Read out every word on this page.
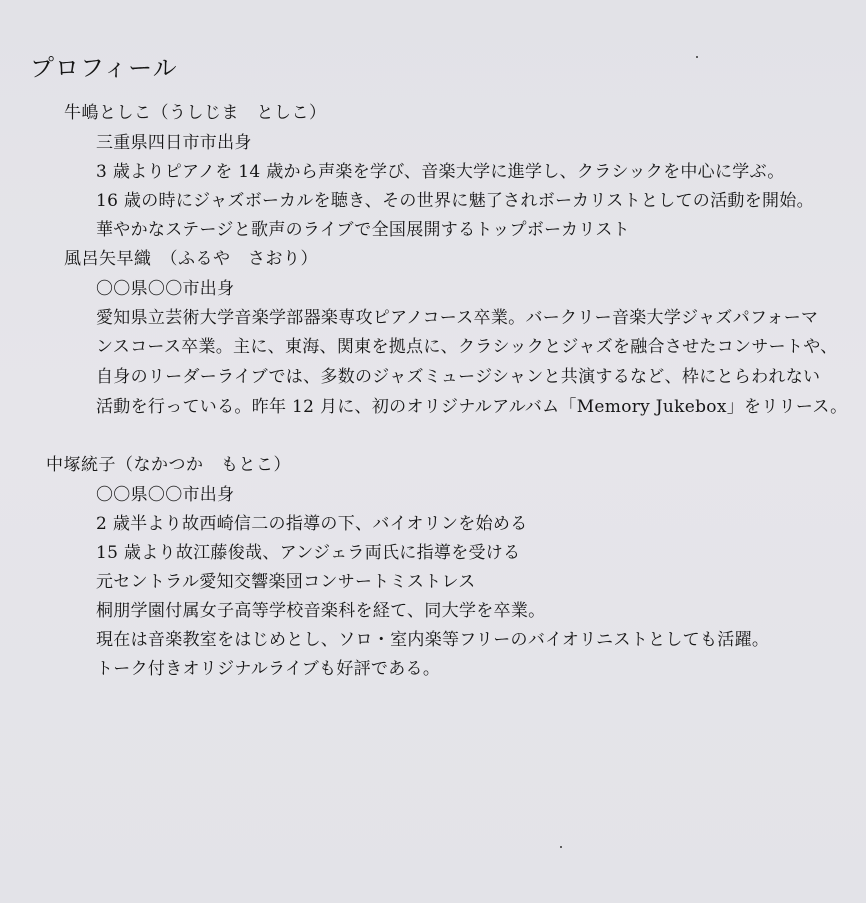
プロフィール
牛嶋としこ（うしじま　としこ）
三重県四日市市出身
3 歳よりピアノを 14 歳から声楽を学び、音楽大学に進学し、クラシックを中心に学ぶ。
16 歳の時にジャズボーカルを聴き、その世界に魅了されボーカリストとしての活動を開始。
華やかなステージと歌声のライブで全国展開するトップボーカリスト
風呂矢早織　（ふるや　さおり）
〇〇県〇〇市出身
愛知県立芸術大学音楽学部器楽専攻ピアノコース卒業。バークリー音楽大学ジャズパフォーマ
ンスコース卒業。主に、東海、関東を拠点に、クラシックとジャズを融合させたコンサートや、
自身のリーダーライブでは、多数のジャズミュージシャンと共演するなど、枠にとらわれない
活動を行っている。昨年 12 月に、初のオリジナルアルバム「Memory Jukebox」をリリース。
中塚統子（なかつか　もとこ）
〇〇県〇〇市出身
2 歳半より故西崎信二の指導の下、バイオリンを始める
15 歳より故江藤俊哉、アンジェラ両氏に指導を受ける
元セントラル愛知交響楽団コンサートミストレス
桐朋学園付属女子高等学校音楽科を経て、同大学を卒業。
現在は音楽教室をはじめとし、ソロ・室内楽等フリーのバイオリニストとしても活躍。
トーク付きオリジナルライブも好評である。
